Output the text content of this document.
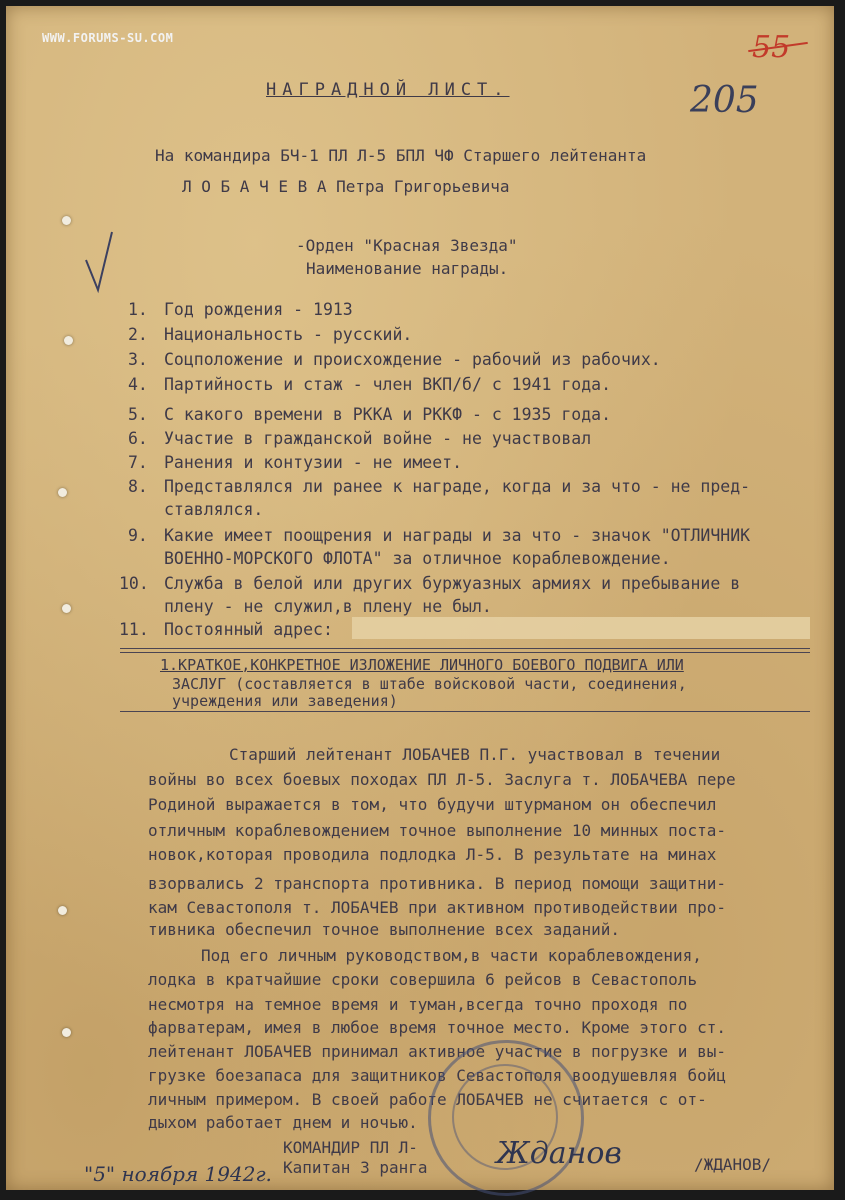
WWW.FORUMS-SU.COM	55
205
НАГРАДНОЙ ЛИСТ.
На командира БЧ-1 ПЛ Л-5 БПЛ ЧФ Старшего лейтенанта
Л О Б А Ч Е В А Петра Григорьевича
-Орден "Красная Звезда"
Наименование награды.
1. Год рождения - 1913
2. Национальность - русский.
3. Соцположение и происхождение - рабочий из рабочих.
4. Партийность и стаж - член ВКП/б/ с 1941 года.
5. С какого времени в РККА и РККФ - с 1935 года.
6. Участие в гражданской войне - не участвовал
7. Ранения и контузии - не имеет.
8. Представлялся ли ранее к награде, когда и за что - не пред-
ставлялся.
9. Какие имеет поощрения и награды и за что - значок "ОТЛИЧНИК
ВОЕННО-МОРСКОГО ФЛОТА" за отличное кораблевождение.
10. Служба в белой или других буржуазных армиях и пребывание в
плену - не служил,в плену не был.
11. Постоянный адрес:
1.КРАТКОЕ,КОНКРЕТНОЕ ИЗЛОЖЕНИЕ ЛИЧНОГО БОЕВОГО ПОДВИГА ИЛИ
ЗАСЛУГ (составляется в штабе войсковой части, соединения,
учреждения или заведения)
Старший лейтенант ЛОБАЧЕВ П.Г. участвовал в течении
войны во всех боевых походах ПЛ Л-5. Заслуга т. ЛОБАЧЕВА пере
Родиной выражается в том, что будучи штурманом он обеспечил
отличным кораблевождением точное выполнение 10 минных поста-
новок,которая проводила подлодка Л-5. В результате на минах
взорвались 2 транспорта противника. В период помощи защитни-
кам Севастополя т. ЛОБАЧЕВ при активном противодействии про-
тивника обеспечил точное выполнение всех заданий.
Под его личным руководством,в части кораблевождения,
лодка в кратчайшие сроки совершила 6 рейсов в Севастополь
несмотря на темное время и туман,всегда точно проходя по
фарватерам, имея в любое время точное место. Кроме этого ст.
лейтенант ЛОБАЧЕВ принимал активное участие в погрузке и вы-
грузке боезапаса для защитников Севастополя воодушевляя бойц
личным примером. В своей работе ЛОБАЧЕВ не считается с от-
дыхом работает днем и ночью.
КОМАНДИР ПЛ Л-
Капитан 3 ранга Жданов	/ЖДАНОВ/
"5" ноября 1942г.
